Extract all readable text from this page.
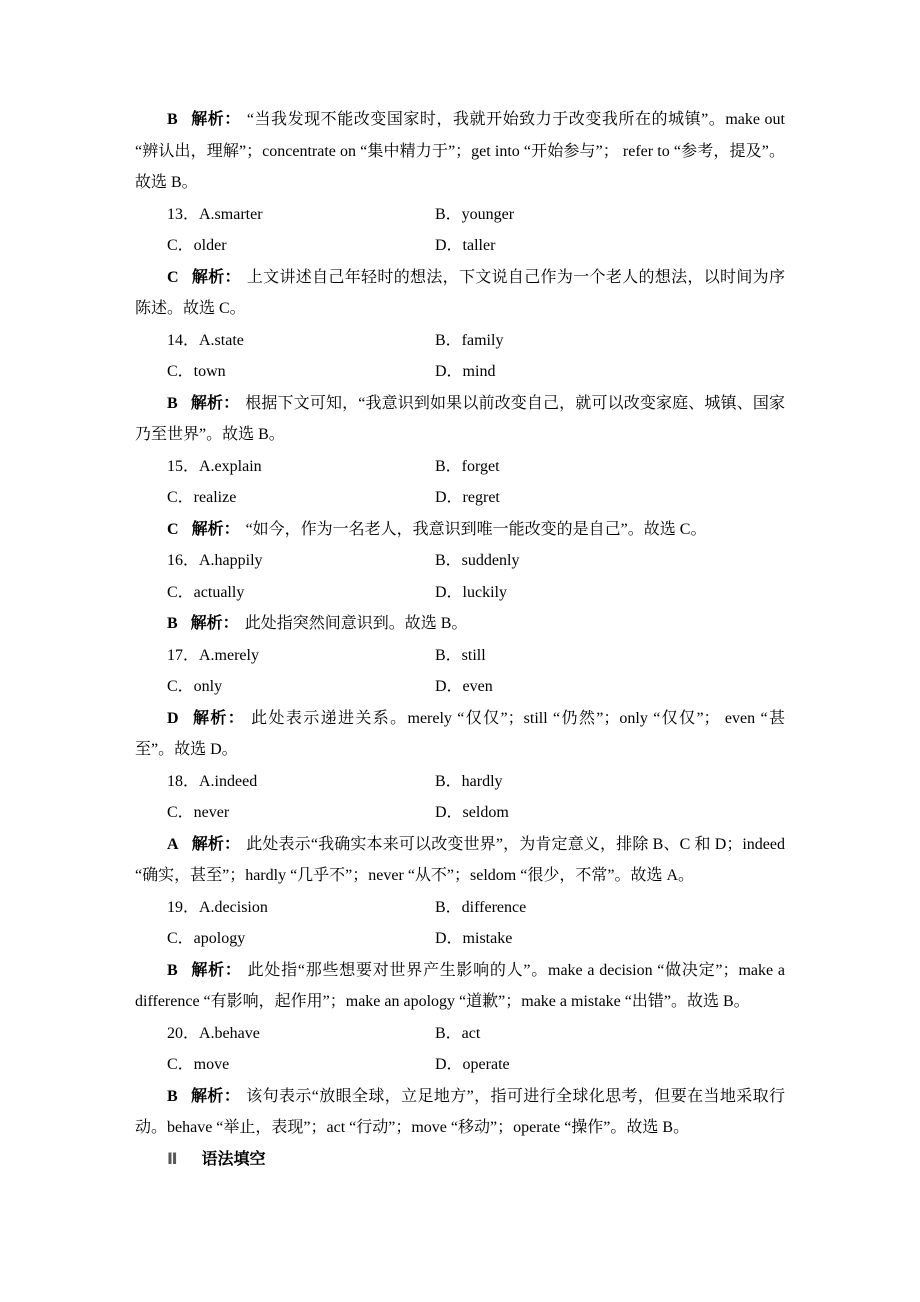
B 解析： “当我发现不能改变国家时，我就开始致力于改变我所在的城镇”。make out “辨认出，理解”；concentrate on “集中精力于”；get into “开始参与”； refer to “参考，提及”。故选 B。

13．A.smarter	B．younger
C．older	D．taller

C 解析： 上文讲述自己年轻时的想法，下文说自己作为一个老人的想法，以时间为序陈述。故选 C。

14．A.state	B．family
C．town	D．mind

B 解析： 根据下文可知，“我意识到如果以前改变自己，就可以改变家庭、城镇、国家乃至世界”。故选 B。

15．A.explain	B．forget
C．realize	D．regret

C 解析： “如今，作为一名老人，我意识到唯一能改变的是自己”。故选 C。

16．A.happily	B．suddenly
C．actually	D．luckily

B 解析： 此处指突然间意识到。故选 B。

17．A.merely	B．still
C．only	D．even

D 解析： 此处表示递进关系。merely “仅仅”；still “仍然”；only “仅仅”； even “甚至”。故选 D。

18．A.indeed	B．hardly
C．never	D．seldom

A 解析： 此处表示“我确实本来可以改变世界”，为肯定意义，排除 B、C 和 D；indeed “确实，甚至”；hardly “几乎不”；never “从不”；seldom “很少，不常”。故选 A。

19．A.decision	B．difference
C．apology	D．mistake

B 解析： 此处指“那些想要对世界产生影响的人”。make a decision “做决定”；make a difference “有影响，起作用”；make an apology “道歉”；make a mistake “出错”。故选 B。

20．A.behave	B．act
C．move	D．operate

B 解析： 该句表示“放眼全球，立足地方”，指可进行全球化思考，但要在当地采取行动。behave “举止，表现”；act “行动”；move “移动”；operate “操作”。故选 B。

Ⅱ 语法填空
